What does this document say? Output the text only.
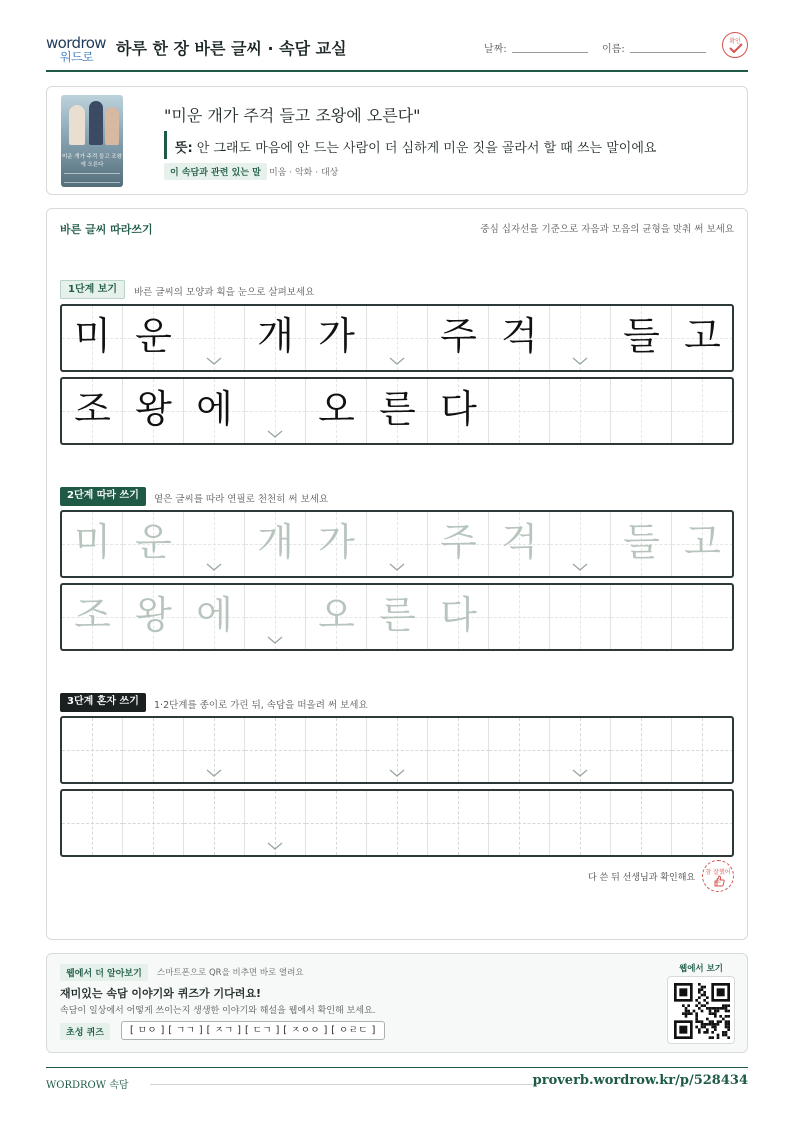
wordrow
워드로 하루 한 장 바른 글씨 · 속담 교실	날짜:	이름:
확인
미운 개가 주걱 들고 조왕에 오른다
"미운 개가 주걱 들고 조왕에 오른다"
뜻: 안 그래도 마음에 안 드는 사람이 더 심하게 미운 짓을 골라서 할 때 쓰는 말이에요
이 속담과 관련 있는 말 미움 · 악화 · 대상
바른 글씨 따라쓰기	중심 십자선을 기준으로 자음과 모음의 균형을 맞춰 써 보세요
1단계 보기	바른 글씨의 모양과 획을 눈으로 살펴보세요
미 운	개 가	주 걱	들 고
조 왕 에	오 른 다
2단계 따라 쓰기	옅은 글씨를 따라 연필로 천천히 써 보세요
미 운	개 가	주 걱	들 고
조 왕 에	오 른 다
3단계 혼자 쓰기	1·2단계를 종이로 가린 뒤, 속담을 떠올려 써 보세요
다 쓴 뒤 선생님과 확인해요
참 잘했어요
웹에서 더 알아보기	스마트폰으로 QR을 비추면 바로 열려요
재미있는 속담 이야기와 퀴즈가 기다려요!
속담이 일상에서 어떻게 쓰이는지 생생한 이야기와 해설을 웹에서 확인해 보세요.
초성 퀴즈	[ ㅁㅇ ] [ ㄱㄱ ] [ ㅈㄱ ] [ ㄷㄱ ] [ ㅈㅇㅇ ] [ ㅇㄹㄷ ]
웹에서 보기
WORDROW 속담	proverb.wordrow.kr/p/528434
